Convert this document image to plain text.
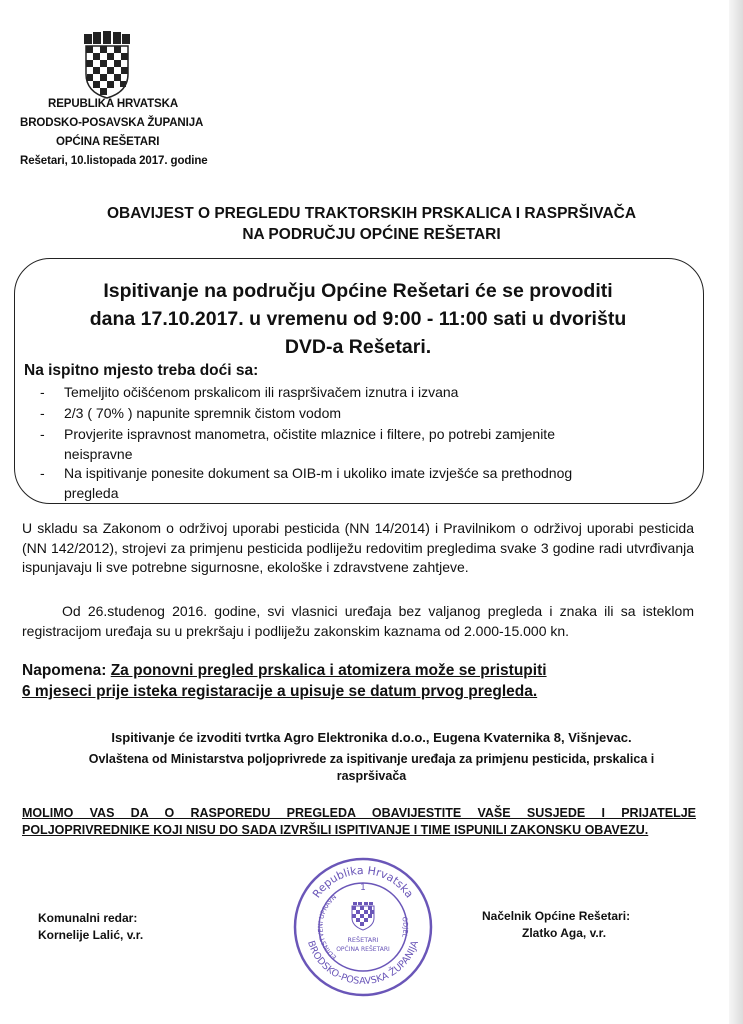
REPUBLIKA HRVATSKA
BRODSKO-POSAVSKA ŽUPANIJA
OPĆINA REŠETARI
Rešetari, 10.listopada 2017. godine
OBAVIJEST O PREGLEDU TRAKTORSKIH PRSKALICA I RASPRŠIVAČA
NA PODRUČJU OPĆINE REŠETARI
Ispitivanje na području Općine Rešetari će se provoditi
dana 17.10.2017. u vremenu od 9:00 - 11:00 sati u dvorištu
DVD-a Rešetari.
Na ispitno mjesto treba doći sa:
- Temeljito očišćenom prskalicom ili raspršivačem iznutra i izvana
- 2/3 ( 70% ) napunite spremnik čistom vodom
- Provjerite ispravnost manometra, očistite mlaznice i filtere, po potrebi zamjenite
neispravne
- Na ispitivanje ponesite dokument sa OIB-m i ukoliko imate izvješće sa prethodnog
pregleda
U skladu sa Zakonom o održivoj uporabi pesticida (NN 14/2014) i Pravilnikom o održivoj uporabi pesticida (NN 142/2012), strojevi za primjenu pesticida podliježu redovitim pregledima svake 3 godine radi utvrđivanja ispunjavaju li sve potrebne sigurnosne, ekološke i zdravstvene zahtjeve.
Od 26.studenog 2016. godine, svi vlasnici uređaja bez valjanog pregleda i znaka ili sa isteklom registracijom uređaja su u prekršaju i podliježu zakonskim kaznama od 2.000-15.000 kn.
Napomena: Za ponovni pregled prskalica i atomizera može se pristupiti
6 mjeseci prije isteka registaracije a upisuje se datum prvog pregleda.
Ispitivanje će izvoditi tvrtka Agro Elektronika d.o.o., Eugena Kvaternika 8, Višnjevac.
Ovlaštena od Ministarstva poljoprivrede za ispitivanje uređaja za primjenu pesticida, prskalica i
raspršivača
MOLIMO VAS DA O RASPOREDU PREGLEDA OBAVIJESTITE VAŠE SUSJEDE I PRIJATELJE POLJOPRIVREDNIKE KOJI NISU DO SADA IZVRŠILI ISPITIVANJE I TIME ISPUNILI ZAKONSKU OBAVEZU.
Komunalni redar:
Kornelije Lalić, v.r.
Načelnik Općine Rešetari:
Zlatko Aga, v.r.
Republika Hrvatska
BRODSKO-POSAVSKA ŽUPANIJA
EDINSTVENI UPRAVN
ODJEL
1
REŠETARI
OPĆINA REŠETARI
